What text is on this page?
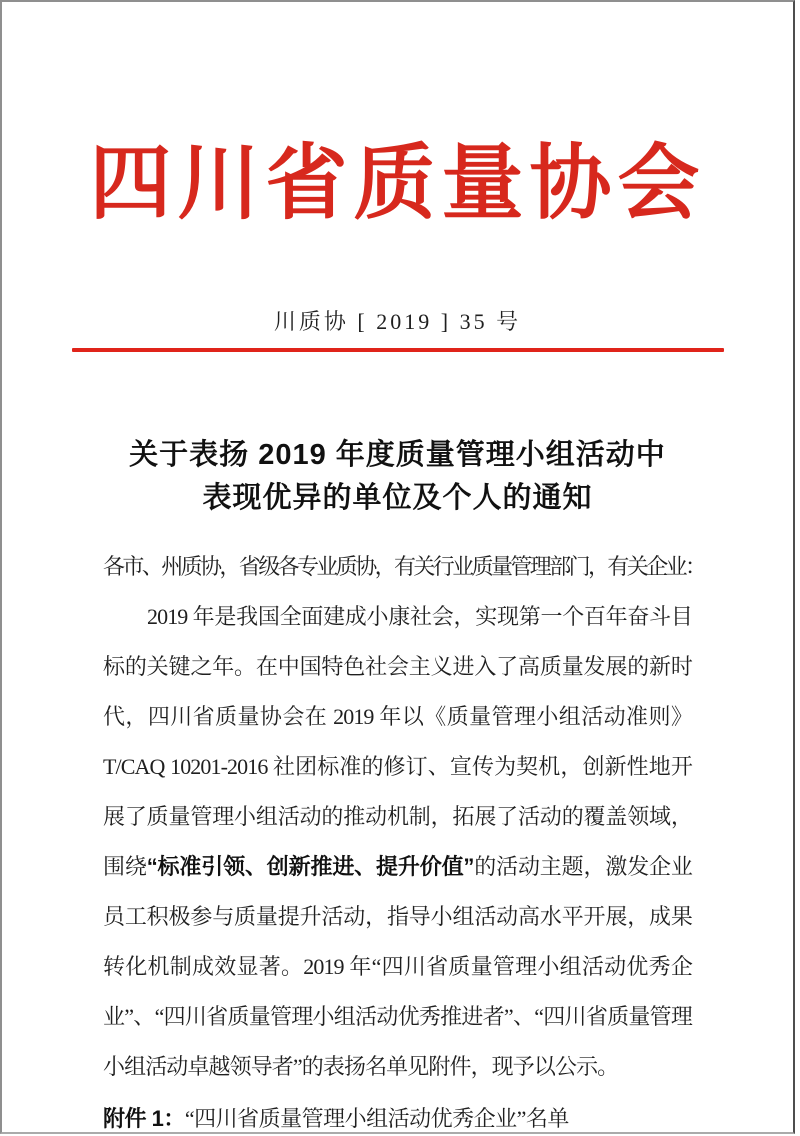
四川省质量协会
川质协 [ 2019 ] 35 号
关于表扬 2019 年度质量管理小组活动中
表现优异的单位及个人的通知

各市、州质协，省级各专业质协，有关行业质量管理部门，有关企业：

2019 年是我国全面建成小康社会，实现第一个百年奋斗目标的关键之年。在中国特色社会主义进入了高质量发展的新时代，四川省质量协会在 2019 年以《质量管理小组活动准则》T/CAQ 10201-2016 社团标准的修订、宣传为契机，创新性地开展了质量管理小组活动的推动机制，拓展了活动的覆盖领域，围绕“标准引领、创新推进、提升价值”的活动主题，激发企业员工积极参与质量提升活动，指导小组活动高水平开展，成果转化机制成效显著。2019 年“四川省质量管理小组活动优秀企业”、“四川省质量管理小组活动优秀推进者”、“四川省质量管理小组活动卓越领导者”的表扬名单见附件，现予以公示。

附件 1：“四川省质量管理小组活动优秀企业”名单
